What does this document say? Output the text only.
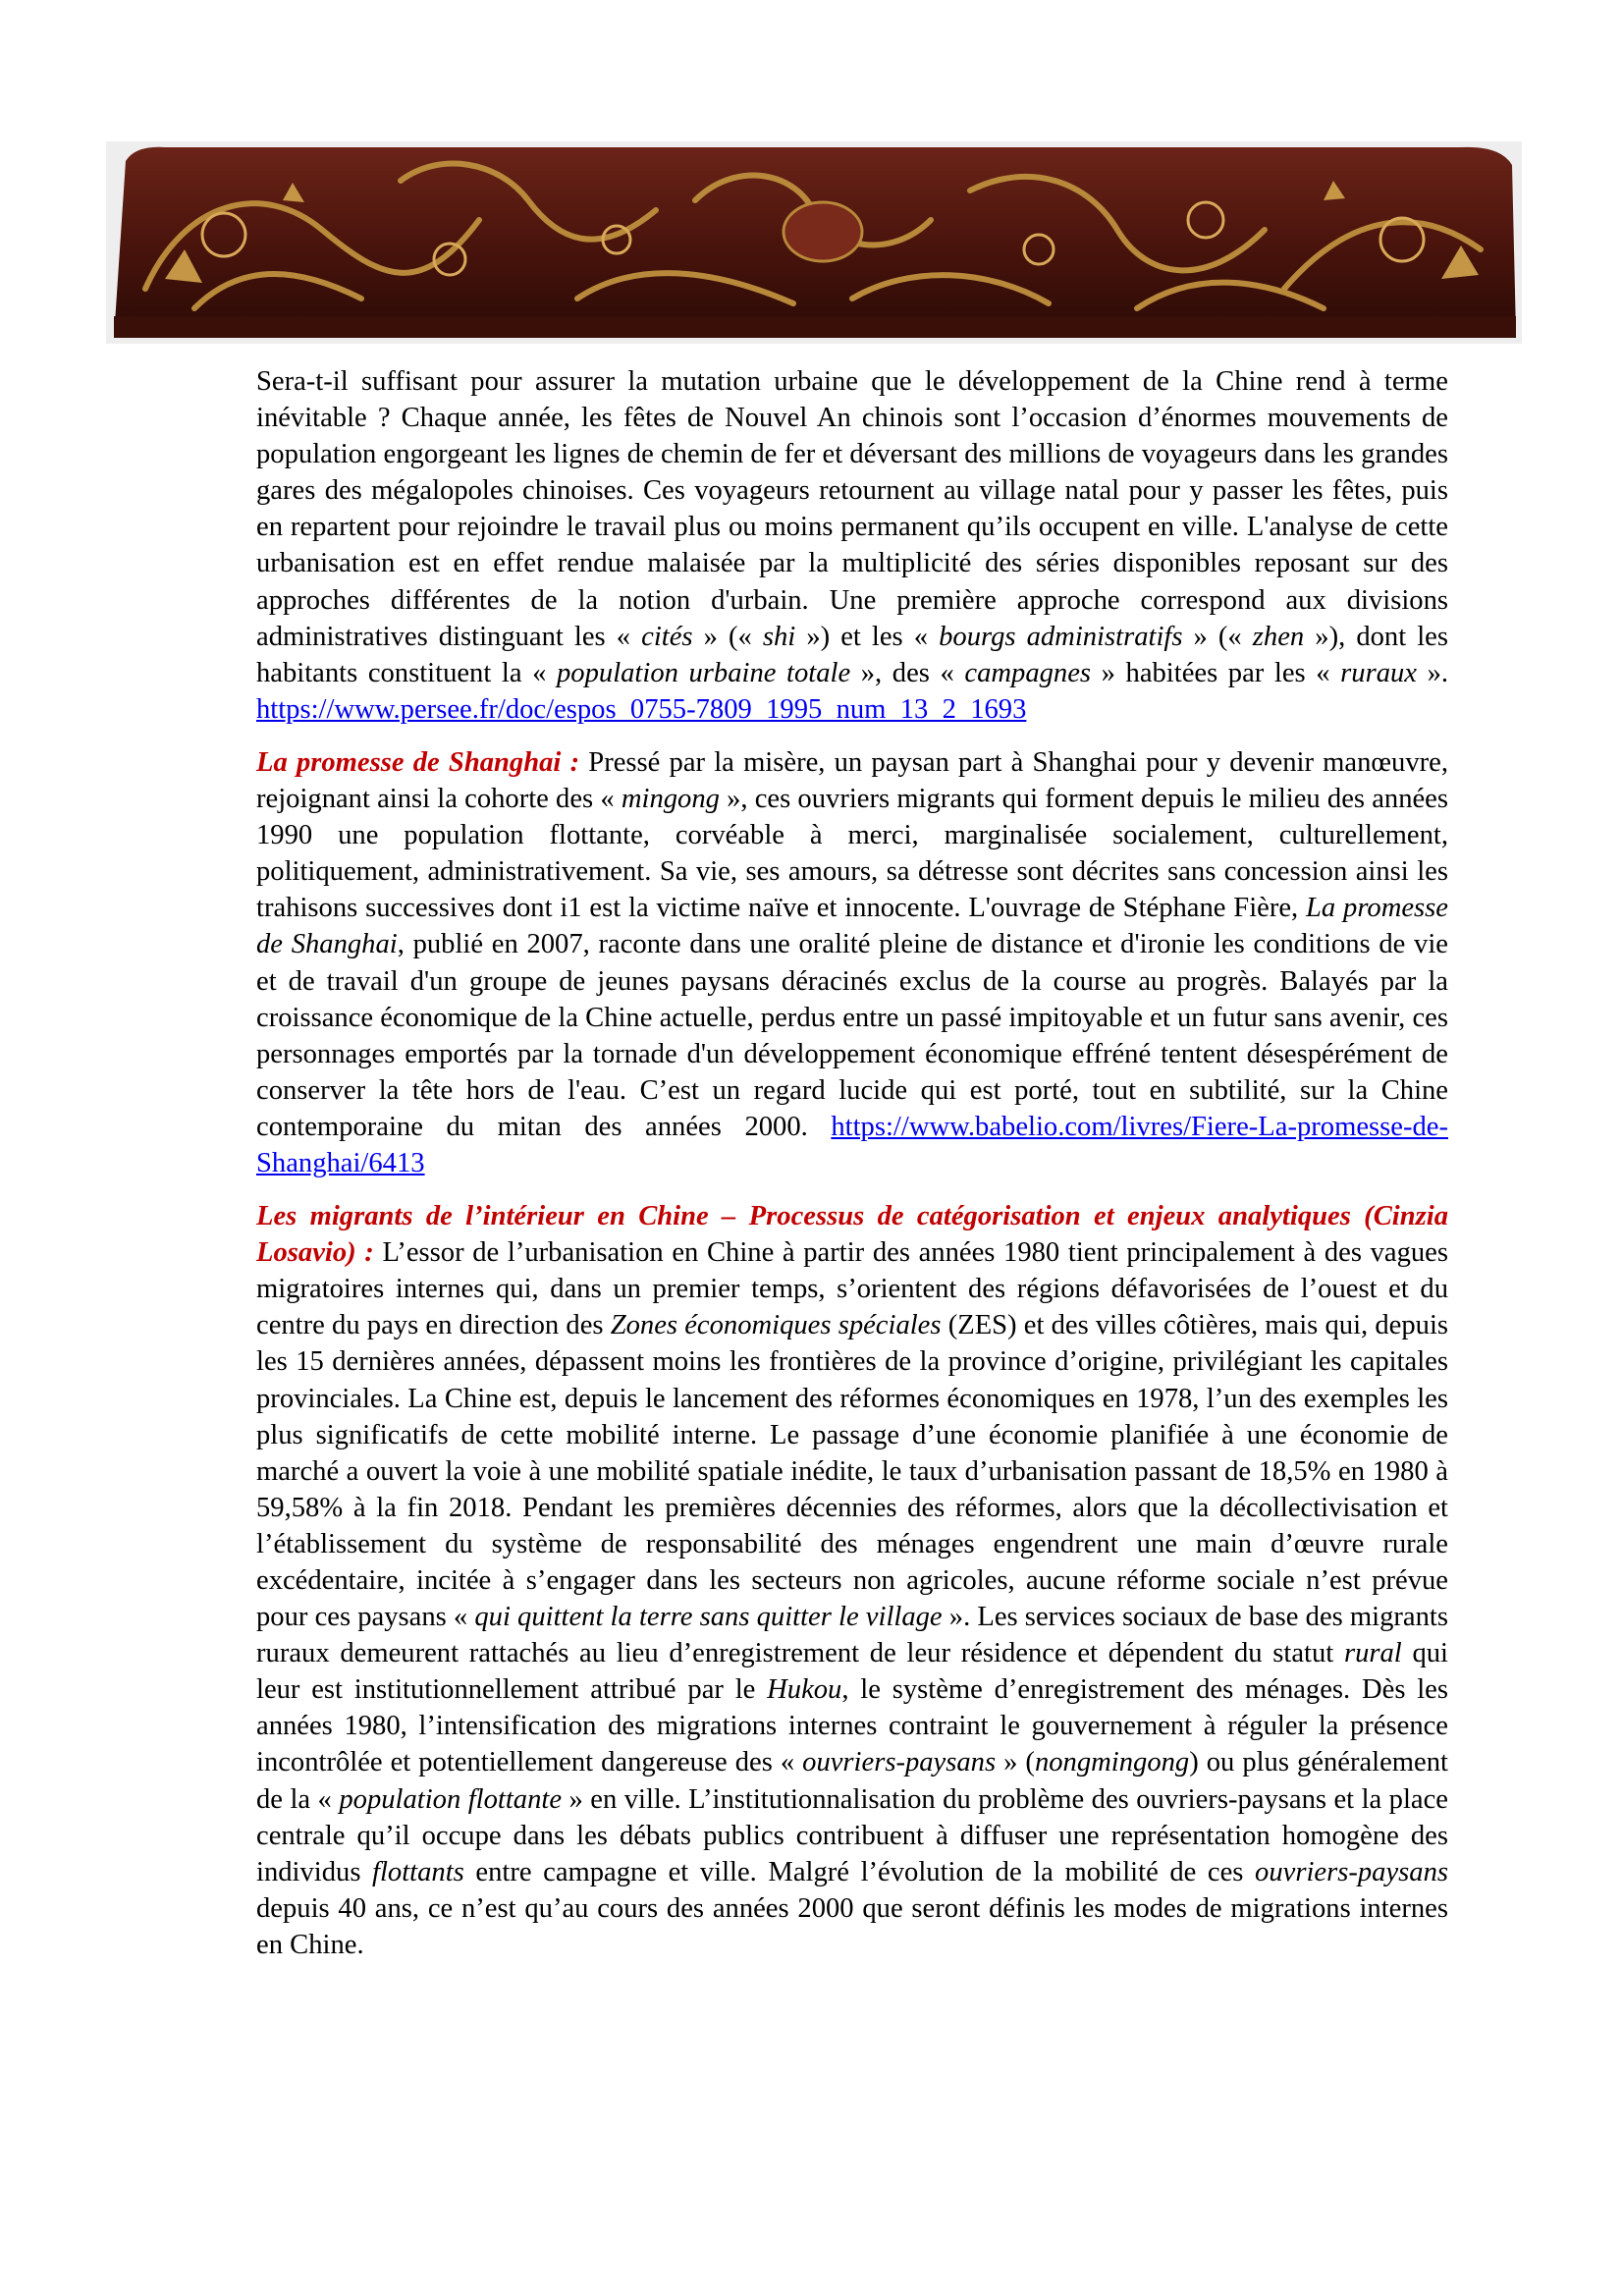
Sera-t-il suffisant pour assurer la mutation urbaine que le développement de la Chine rend à terme inévitable ? Chaque année, les fêtes de Nouvel An chinois sont l’occasion d’énormes mouvements de population engorgeant les lignes de chemin de fer et déversant des millions de voyageurs dans les grandes gares des mégalopoles chinoises. Ces voyageurs retournent au village natal pour y passer les fêtes, puis en repartent pour rejoindre le travail plus ou moins permanent qu’ils occupent en ville. L'analyse de cette urbanisation est en effet rendue malaisée par la multiplicité des séries disponibles reposant sur des approches différentes de la notion d'urbain. Une première approche correspond aux divisions administratives distinguant les « cités » (« shi ») et les « bourgs administratifs » (« zhen »), dont les habitants constituent la « population urbaine totale », des « campagnes » habitées par les « ruraux ». https://www.persee.fr/doc/espos_0755-7809_1995_num_13_2_1693

La promesse de Shanghai : Pressé par la misère, un paysan part à Shanghai pour y devenir manœuvre, rejoignant ainsi la cohorte des « mingong », ces ouvriers migrants qui forment depuis le milieu des années 1990 une population flottante, corvéable à merci, marginalisée socialement, culturellement, politiquement, administrativement. Sa vie, ses amours, sa détresse sont décrites sans concession ainsi les trahisons successives dont i1 est la victime naïve et innocente. L'ouvrage de Stéphane Fière, La promesse de Shanghai, publié en 2007, raconte dans une oralité pleine de distance et d'ironie les conditions de vie et de travail d'un groupe de jeunes paysans déracinés exclus de la course au progrès. Balayés par la croissance économique de la Chine actuelle, perdus entre un passé impitoyable et un futur sans avenir, ces personnages emportés par la tornade d'un développement économique effréné tentent désespérément de conserver la tête hors de l'eau. C’est un regard lucide qui est porté, tout en subtilité, sur la Chine contemporaine du mitan des années 2000. https://www.babelio.com/livres/Fiere-La-promesse-de-Shanghai/6413

Les migrants de l’intérieur en Chine – Processus de catégorisation et enjeux analytiques (Cinzia Losavio) : L’essor de l’urbanisation en Chine à partir des années 1980 tient principalement à des vagues migratoires internes qui, dans un premier temps, s’orientent des régions défavorisées de l’ouest et du centre du pays en direction des Zones économiques spéciales (ZES) et des villes côtières, mais qui, depuis les 15 dernières années, dépassent moins les frontières de la province d’origine, privilégiant les capitales provinciales. La Chine est, depuis le lancement des réformes économiques en 1978, l’un des exemples les plus significatifs de cette mobilité interne. Le passage d’une économie planifiée à une économie de marché a ouvert la voie à une mobilité spatiale inédite, le taux d’urbanisation passant de 18,5% en 1980 à 59,58% à la fin 2018. Pendant les premières décennies des réformes, alors que la décollectivisation et l’établissement du système de responsabilité des ménages engendrent une main d’œuvre rurale excédentaire, incitée à s’engager dans les secteurs non agricoles, aucune réforme sociale n’est prévue pour ces paysans « qui quittent la terre sans quitter le village ». Les services sociaux de base des migrants ruraux demeurent rattachés au lieu d’enregistrement de leur résidence et dépendent du statut rural qui leur est institutionnellement attribué par le Hukou, le système d’enregistrement des ménages. Dès les années 1980, l’intensification des migrations internes contraint le gouvernement à réguler la présence incontrôlée et potentiellement dangereuse des « ouvriers-paysans » (nongmingong) ou plus généralement de la « population flottante » en ville. L’institutionnalisation du problème des ouvriers-paysans et la place centrale qu’il occupe dans les débats publics contribuent à diffuser une représentation homogène des individus flottants entre campagne et ville. Malgré l’évolution de la mobilité de ces ouvriers-paysans depuis 40 ans, ce n’est qu’au cours des années 2000 que seront définis les modes de migrations internes en Chine.
